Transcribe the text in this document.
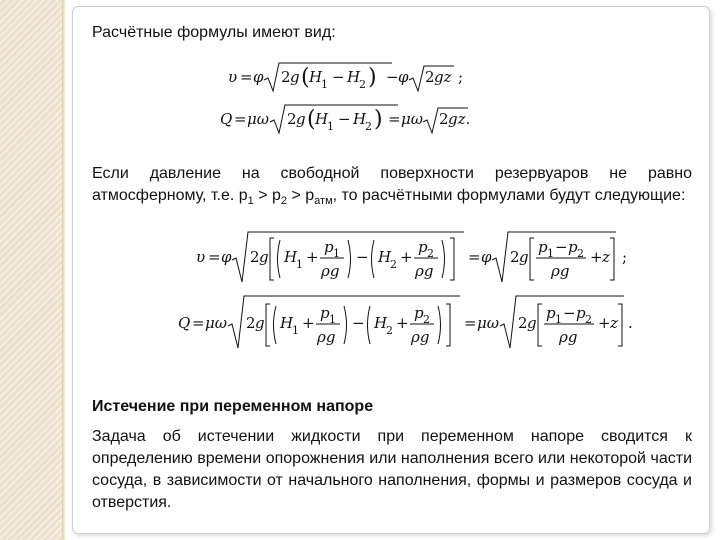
Расчётные формулы имеют вид:
υ = φ 2 g ( H
1 − H
2 ) − φ 2 gz ;
Q = μω 2 g ( H
1 − H
2 ) = μω 2 gz.
Если давление на свободной поверхности резервуаров не равно атмосферному, т.е. $p_1 > p_2 > p_{атм}$, то расчётными формулами будут следующие:
υ = φ 2 g H
1 +
p 1
ρg
− H
2 +
p 2
ρg
= φ 2 g
p 1 − p 2
ρg
+ z ;
Q = μω 2 g H
1 +
p 1
ρg
− H
2 +
p 2
ρg
= μω 2 g
p 1 − p 2
ρg
+ z .
Истечение при переменном напоре
Задача об истечении жидкости при переменном напоре сводится к определению времени опорожнения или наполнения всего или некоторой части сосуда, в зависимости от начального наполнения, формы и размеров сосуда и отверстия.
